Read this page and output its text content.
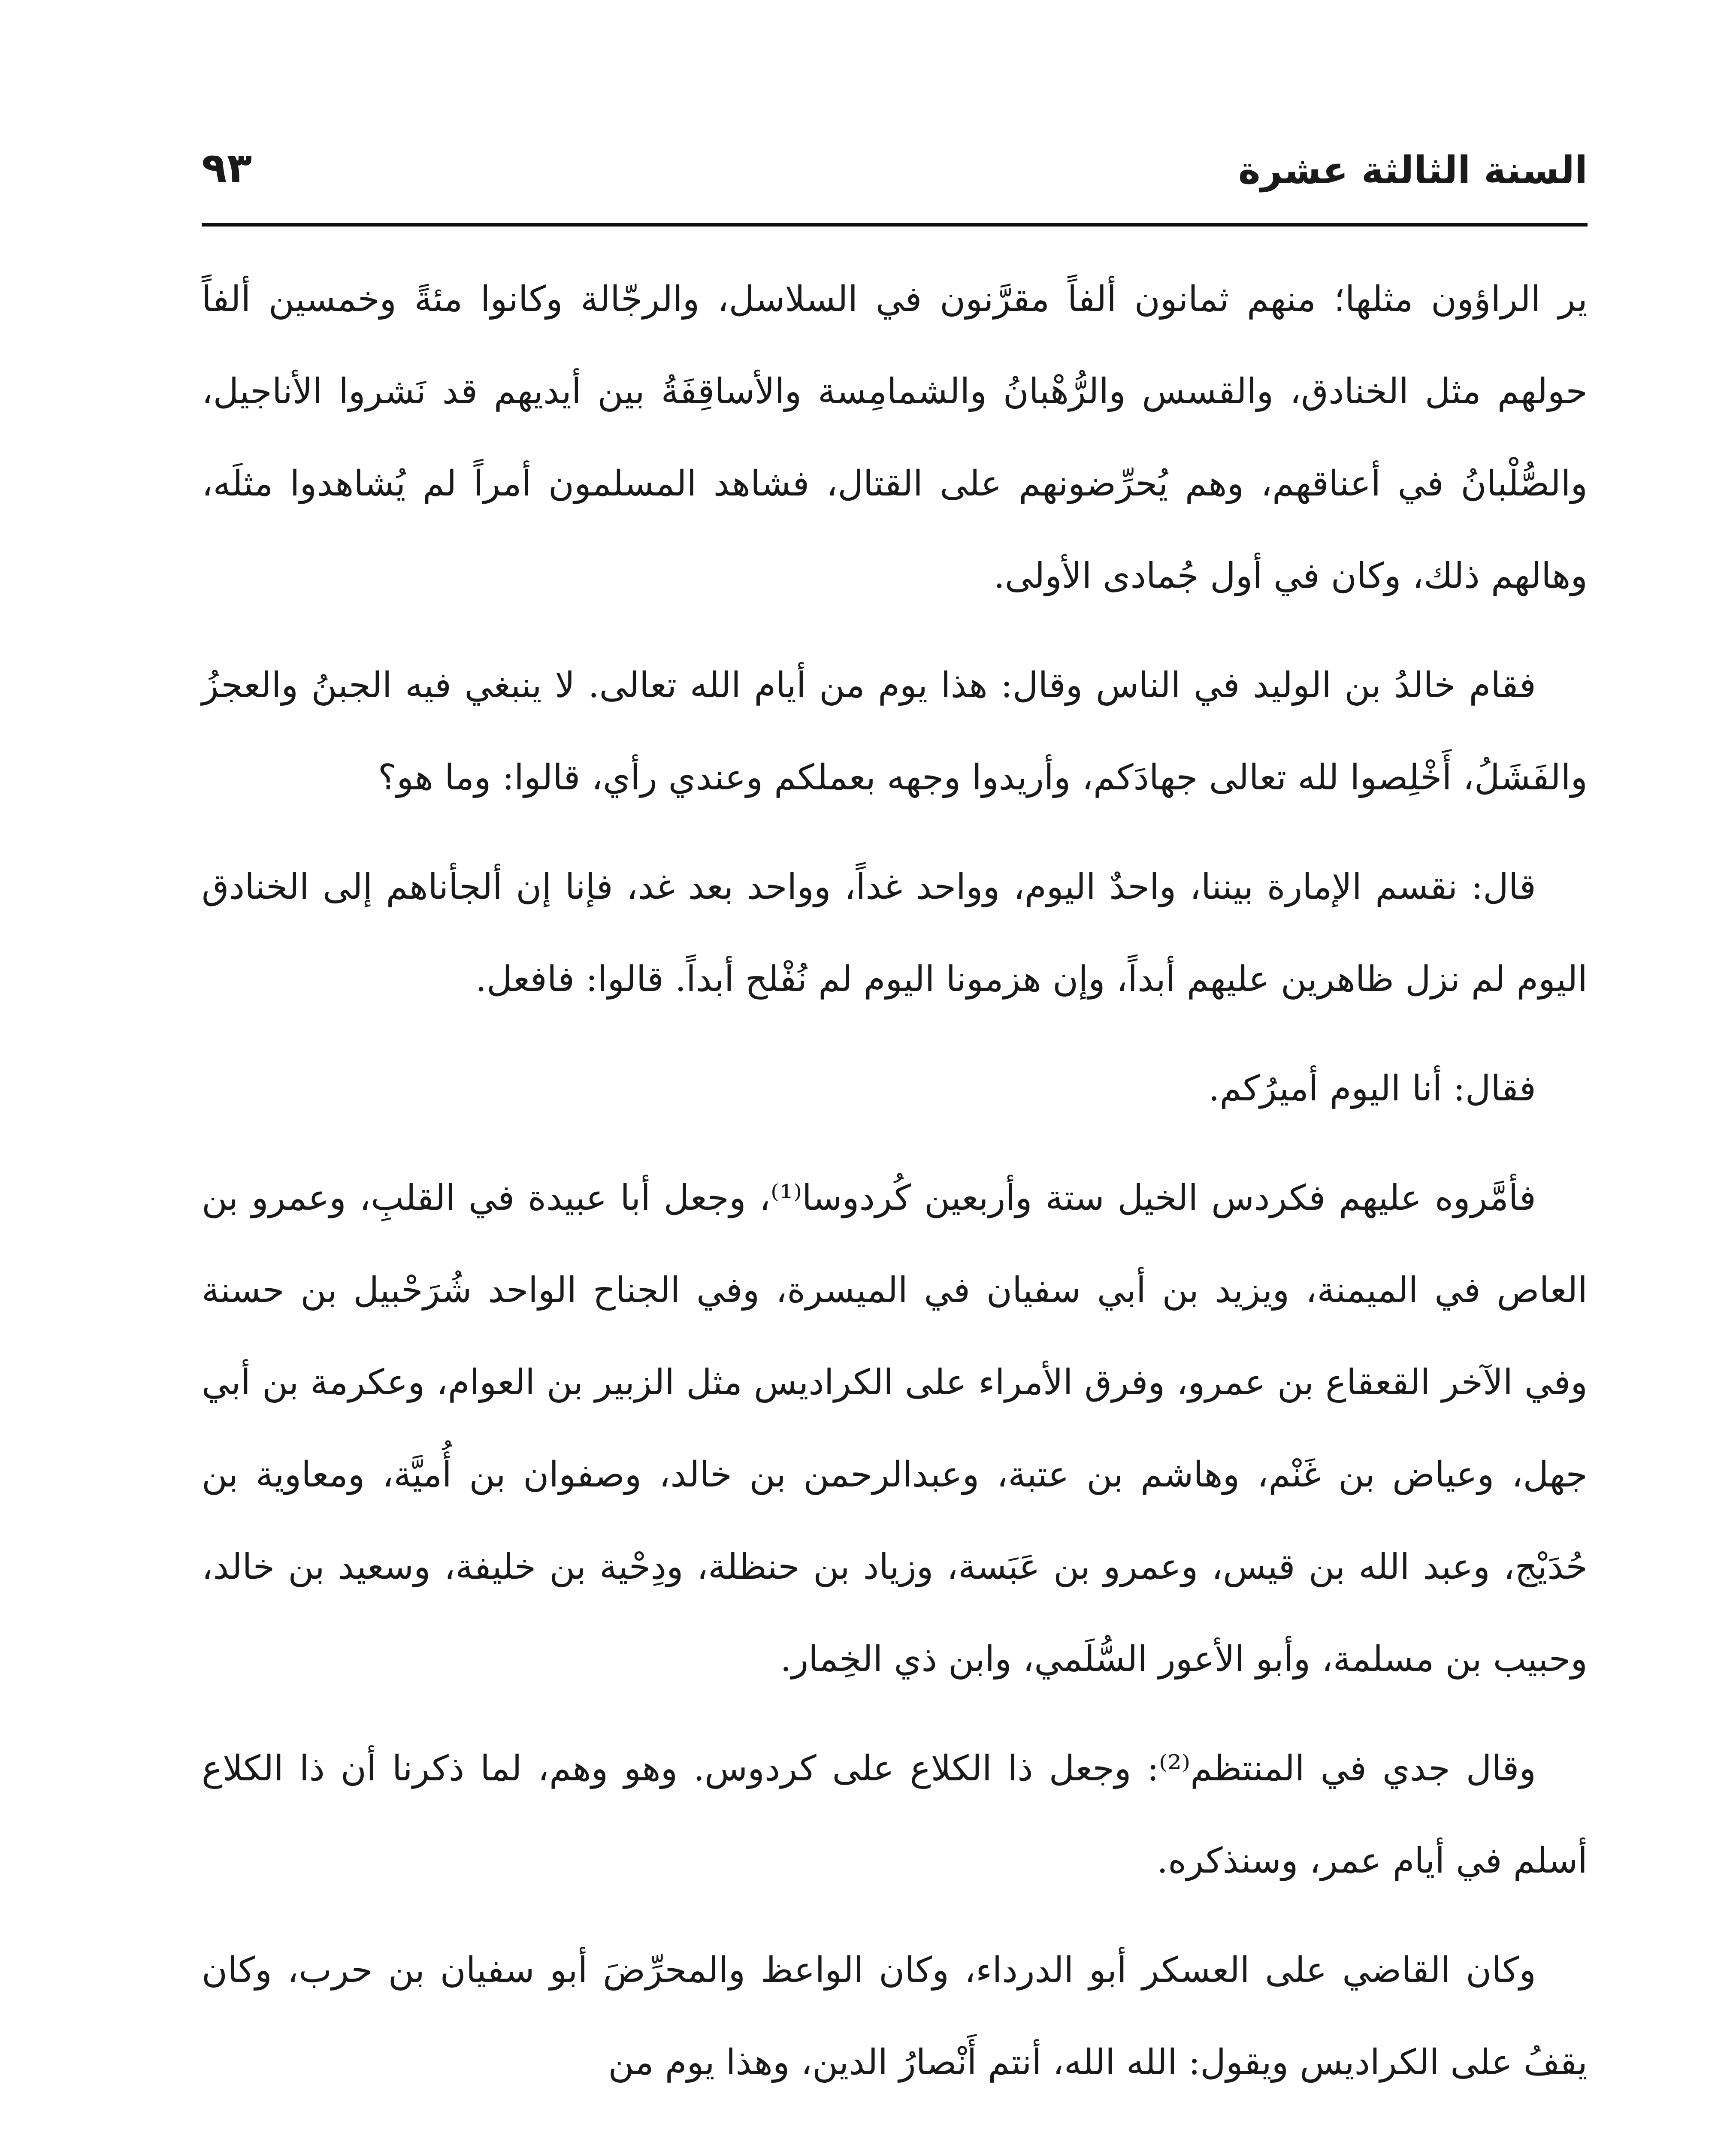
السنة الثالثة عشرة
٩٣

ير الراؤون مثلها؛ منهم ثمانون ألفاً مقرَّنون في السلاسل، والرجّالة وكانوا مئةً وخمسين ألفاً حولهم مثل الخنادق، والقسس والرُّهْبانُ والشمامِسة والأساقِفَةُ بين أيديهم قد نَشروا الأناجيل، والصُّلْبانُ في أعناقهم، وهم يُحرِّضونهم على القتال، فشاهد المسلمون أمراً لم يُشاهدوا مثلَه، وهالهم ذلك، وكان في أول جُمادى الأولى.

فقام خالدُ بن الوليد في الناس وقال: هذا يوم من أيام الله تعالى. لا ينبغي فيه الجبنُ والعجزُ والفَشَلُ، أَخْلِصوا لله تعالى جهادَكم، وأريدوا وجهه بعملكم وعندي رأي، قالوا: وما هو؟

قال: نقسم الإمارة بيننا، واحدٌ اليوم، وواحد غداً، وواحد بعد غد، فإنا إن ألجأناهم إلى الخنادق اليوم لم نزل ظاهرين عليهم أبداً، وإن هزمونا اليوم لم نُفْلح أبداً. قالوا: فافعل.

فقال: أنا اليوم أميرُكم.

فأمَّروه عليهم فكردس الخيل ستة وأربعين كُردوسا⁽¹⁾، وجعل أبا عبيدة في القلبِ، وعمرو بن العاص في الميمنة، ويزيد بن أبي سفيان في الميسرة، وفي الجناح الواحد شُرَحْبيل بن حسنة وفي الآخر القعقاع بن عمرو، وفرق الأمراء على الكراديس مثل الزبير بن العوام، وعكرمة بن أبي جهل، وعياض بن غَنْم، وهاشم بن عتبة، وعبدالرحمن بن خالد، وصفوان بن أُميَّة، ومعاوية بن حُدَيْج، وعبد الله بن قيس، وعمرو بن عَبَسة، وزياد بن حنظلة، ودِحْية بن خليفة، وسعيد بن خالد، وحبيب بن مسلمة، وأبو الأعور السُّلَمي، وابن ذي الخِمار.

وقال جدي في المنتظم⁽²⁾: وجعل ذا الكلاع على كردوس. وهو وهم، لما ذكرنا أن ذا الكلاع أسلم في أيام عمر، وسنذكره.

وكان القاضي على العسكر أبو الدرداء، وكان الواعظ والمحرِّضَ أبو سفيان بن حرب، وكان يقفُ على الكراديس ويقول: الله الله، أنتم أَنْصارُ الدين، وهذا يوم من
